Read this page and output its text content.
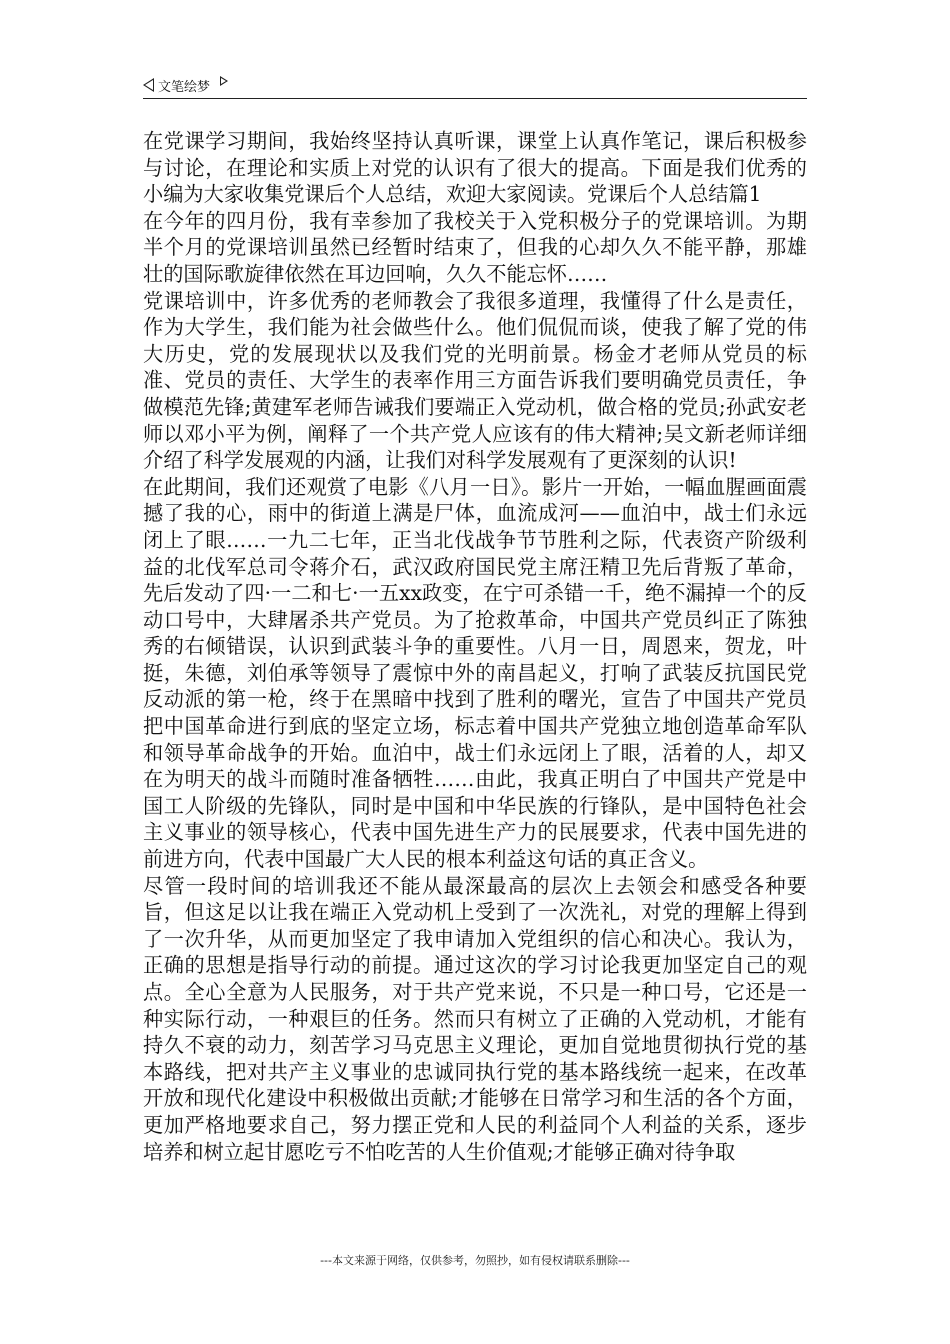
文笔绘梦

在党课学习期间，我始终坚持认真听课，课堂上认真作笔记，课后积极参与讨论，在理论和实质上对党的认识有了很大的提高。下面是我们优秀的小编为大家收集党课后个人总结，欢迎大家阅读。党课后个人总结篇1

在今年的四月份，我有幸参加了我校关于入党积极分子的党课培训。为期半个月的党课培训虽然已经暂时结束了，但我的心却久久不能平静，那雄壮的国际歌旋律依然在耳边回响，久久不能忘怀……

党课培训中，许多优秀的老师教会了我很多道理，我懂得了什么是责任，作为大学生，我们能为社会做些什么。他们侃侃而谈，使我了解了党的伟大历史，党的发展现状以及我们党的光明前景。杨金才老师从党员的标准、党员的责任、大学生的表率作用三方面告诉我们要明确党员责任，争做模范先锋;黄建军老师告诫我们要端正入党动机，做合格的党员;孙武安老师以邓小平为例，阐释了一个共产党人应该有的伟大精神;吴文新老师详细介绍了科学发展观的内涵，让我们对科学发展观有了更深刻的认识!

在此期间，我们还观赏了电影《八月一日》。影片一开始，一幅血腥画面震撼了我的心，雨中的街道上满是尸体，血流成河——血泊中，战士们永远闭上了眼……一九二七年，正当北伐战争节节胜利之际，代表资产阶级利益的北伐军总司令蒋介石，武汉政府国民党主席汪精卫先后背叛了革命，先后发动了四·一二和七·一五xx政变，在宁可杀错一千，绝不漏掉一个的反动口号中，大肆屠杀共产党员。为了抢救革命，中国共产党员纠正了陈独秀的右倾错误，认识到武装斗争的重要性。八月一日，周恩来，贺龙，叶挺，朱德，刘伯承等领导了震惊中外的南昌起义，打响了武装反抗国民党反动派的第一枪，终于在黑暗中找到了胜利的曙光，宣告了中国共产党员把中国革命进行到底的坚定立场，标志着中国共产党独立地创造革命军队和领导革命战争的开始。血泊中，战士们永远闭上了眼，活着的人，却又在为明天的战斗而随时准备牺牲……由此，我真正明白了中国共产党是中国工人阶级的先锋队，同时是中国和中华民族的行锋队，是中国特色社会主义事业的领导核心，代表中国先进生产力的民展要求，代表中国先进的前进方向，代表中国最广大人民的根本利益这句话的真正含义。

尽管一段时间的培训我还不能从最深最高的层次上去领会和感受各种要旨，但这足以让我在端正入党动机上受到了一次洗礼，对党的理解上得到了一次升华，从而更加坚定了我申请加入党组织的信心和决心。我认为，正确的思想是指导行动的前提。通过这次的学习讨论我更加坚定自己的观点。全心全意为人民服务，对于共产党来说，不只是一种口号，它还是一种实际行动，一种艰巨的任务。然而只有树立了正确的入党动机，才能有持久不衰的动力，刻苦学习马克思主义理论，更加自觉地贯彻执行党的基本路线，把对共产主义事业的忠诚同执行党的基本路线统一起来，在改革开放和现代化建设中积极做出贡献;才能够在日常学习和生活的各个方面，更加严格地要求自己，努力摆正党和人民的利益同个人利益的关系，逐步培养和树立起甘愿吃亏不怕吃苦的人生价值观;才能够正确对待争取

---本文来源于网络，仅供参考，勿照抄，如有侵权请联系删除---
